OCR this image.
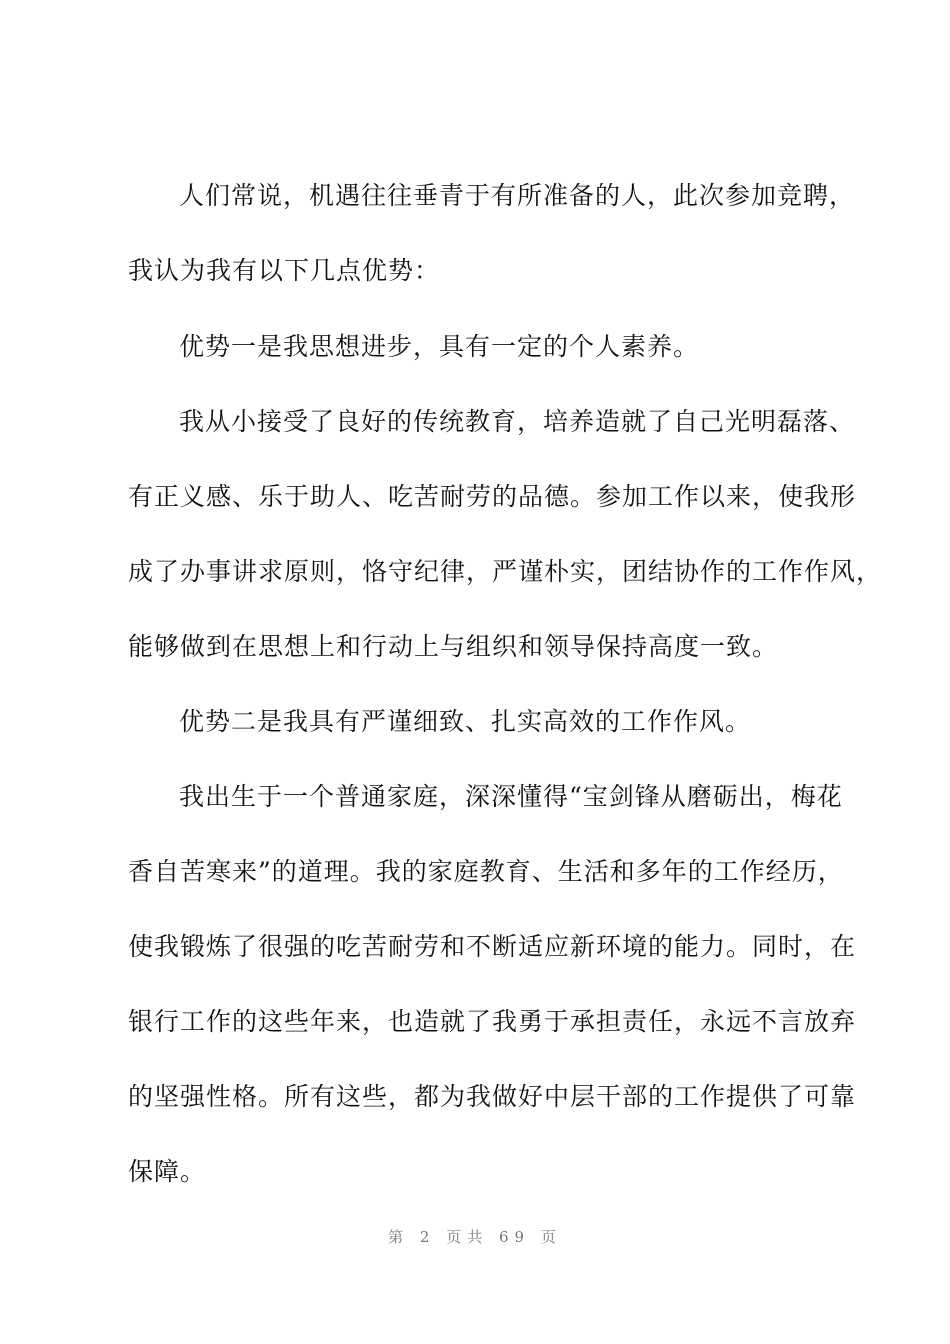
人们常说，机遇往往垂青于有所准备的人，此次参加竞聘，
我认为我有以下几点优势：
优势一是我思想进步，具有一定的个人素养。
我从小接受了良好的传统教育，培养造就了自己光明磊落、
有正义感、乐于助人、吃苦耐劳的品德。参加工作以来，使我形
成了办事讲求原则，恪守纪律，严谨朴实，团结协作的工作作风，
能够做到在思想上和行动上与组织和领导保持高度一致。
优势二是我具有严谨细致、扎实高效的工作作风。
我出生于一个普通家庭，深深懂得“宝剑锋从磨砺出，梅花
香自苦寒来”的道理。我的家庭教育、生活和多年的工作经历，
使我锻炼了很强的吃苦耐劳和不断适应新环境的能力。同时，在
银行工作的这些年来，也造就了我勇于承担责任，永远不言放弃
的坚强性格。所有这些，都为我做好中层干部的工作提供了可靠
保障。
第 2 页共 69 页
